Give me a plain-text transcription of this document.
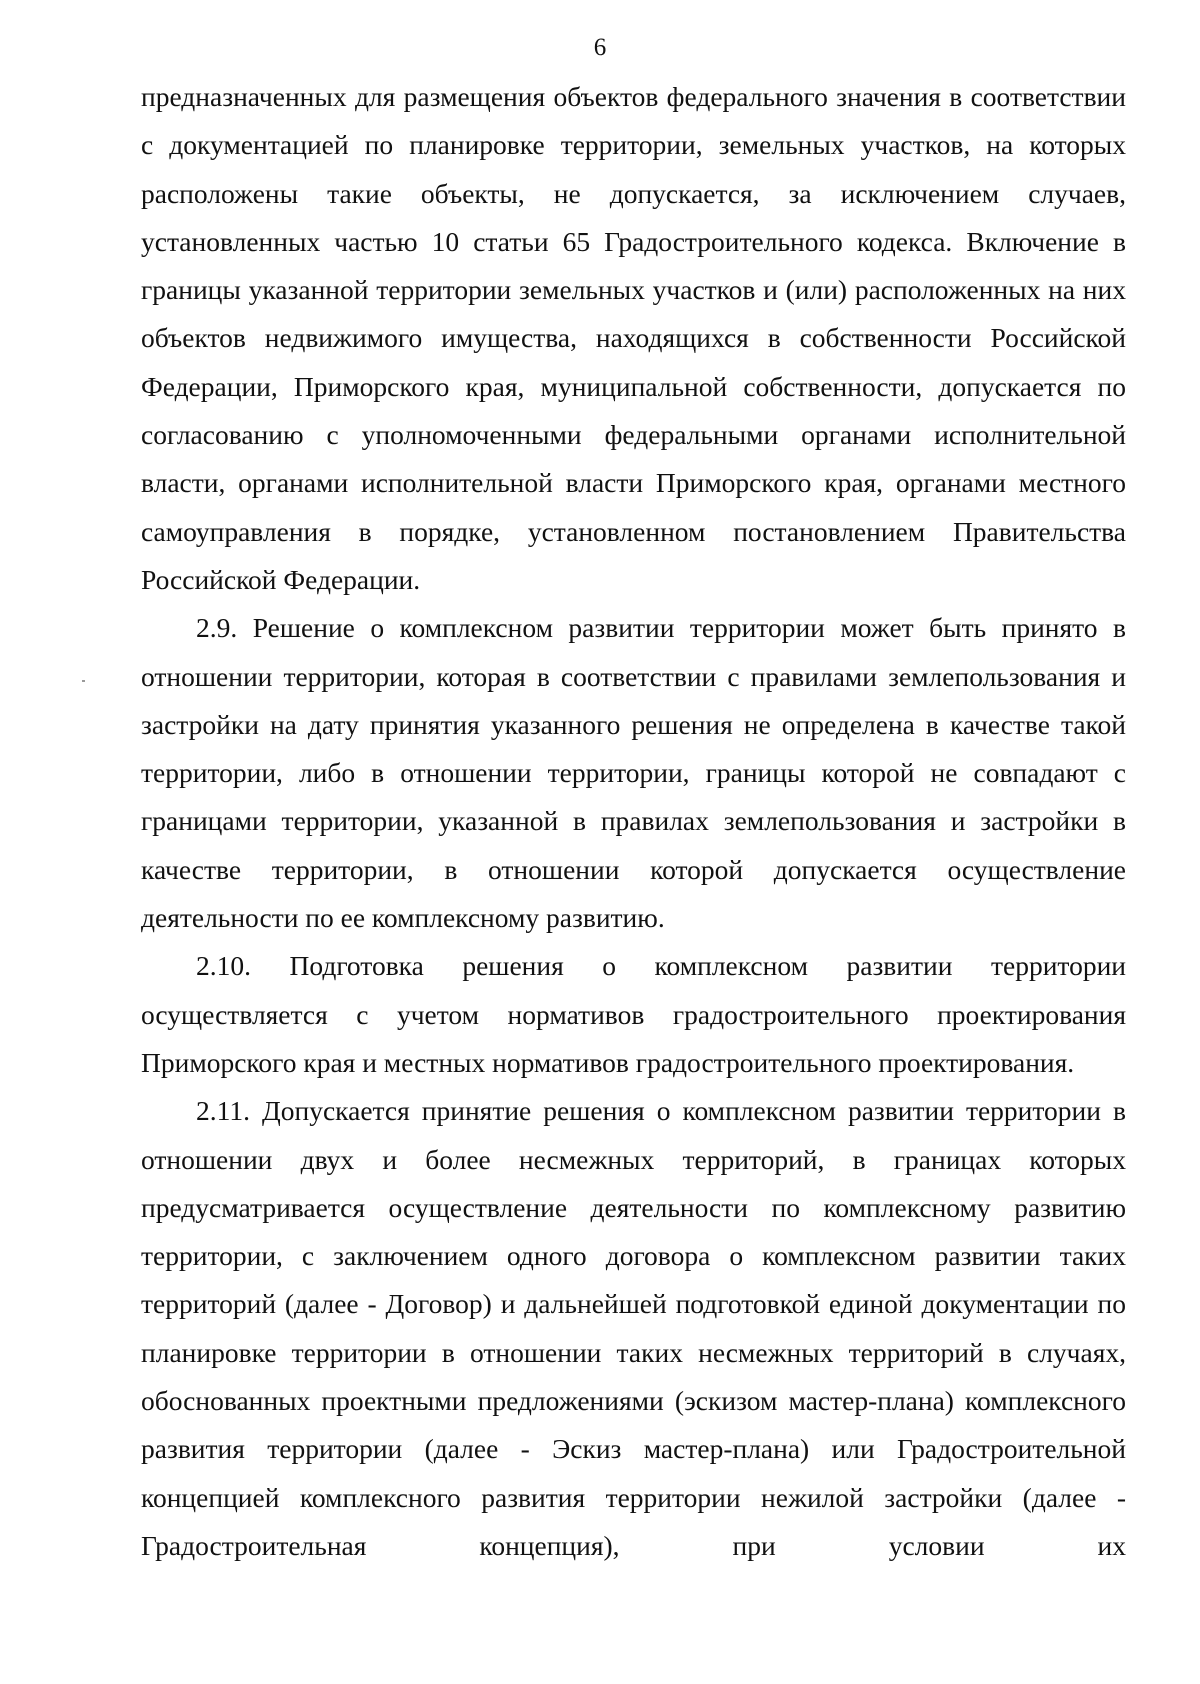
6

предназначенных для размещения объектов федерального значения в соответствии с документацией по планировке территории, земельных участков, на которых расположены такие объекты, не допускается, за исключением случаев, установленных частью 10 статьи 65 Градостроительного кодекса. Включение в границы указанной территории земельных участков и (или) расположенных на них объектов недвижимого имущества, находящихся в собственности Российской Федерации, Приморского края, муниципальной собственности, допускается по согласованию с уполномоченными федеральными органами исполнительной власти, органами исполнительной власти Приморского края, органами местного самоуправления в порядке, установленном постановлением Правительства Российской Федерации.

2.9. Решение о комплексном развитии территории может быть принято в отношении территории, которая в соответствии с правилами землепользования и застройки на дату принятия указанного решения не определена в качестве такой территории, либо в отношении территории, границы которой не совпадают с границами территории, указанной в правилах землепользования и застройки в качестве территории, в отношении которой допускается осуществление деятельности по ее комплексному развитию.

2.10. Подготовка решения о комплексном развитии территории осуществляется с учетом нормативов градостроительного проектирования Приморского края и местных нормативов градостроительного проектирования.

2.11. Допускается принятие решения о комплексном развитии территории в отношении двух и более несмежных территорий, в границах которых предусматривается осуществление деятельности по комплексному развитию территории, с заключением одного договора о комплексном развитии таких территорий (далее - Договор) и дальнейшей подготовкой единой документации по планировке территории в отношении таких несмежных территорий в случаях, обоснованных проектными предложениями (эскизом мастер-плана) комплексного развития территории (далее - Эскиз мастер-плана) или Градостроительной концепцией комплексного развития территории нежилой застройки (далее - Градостроительная концепция), при условии их
